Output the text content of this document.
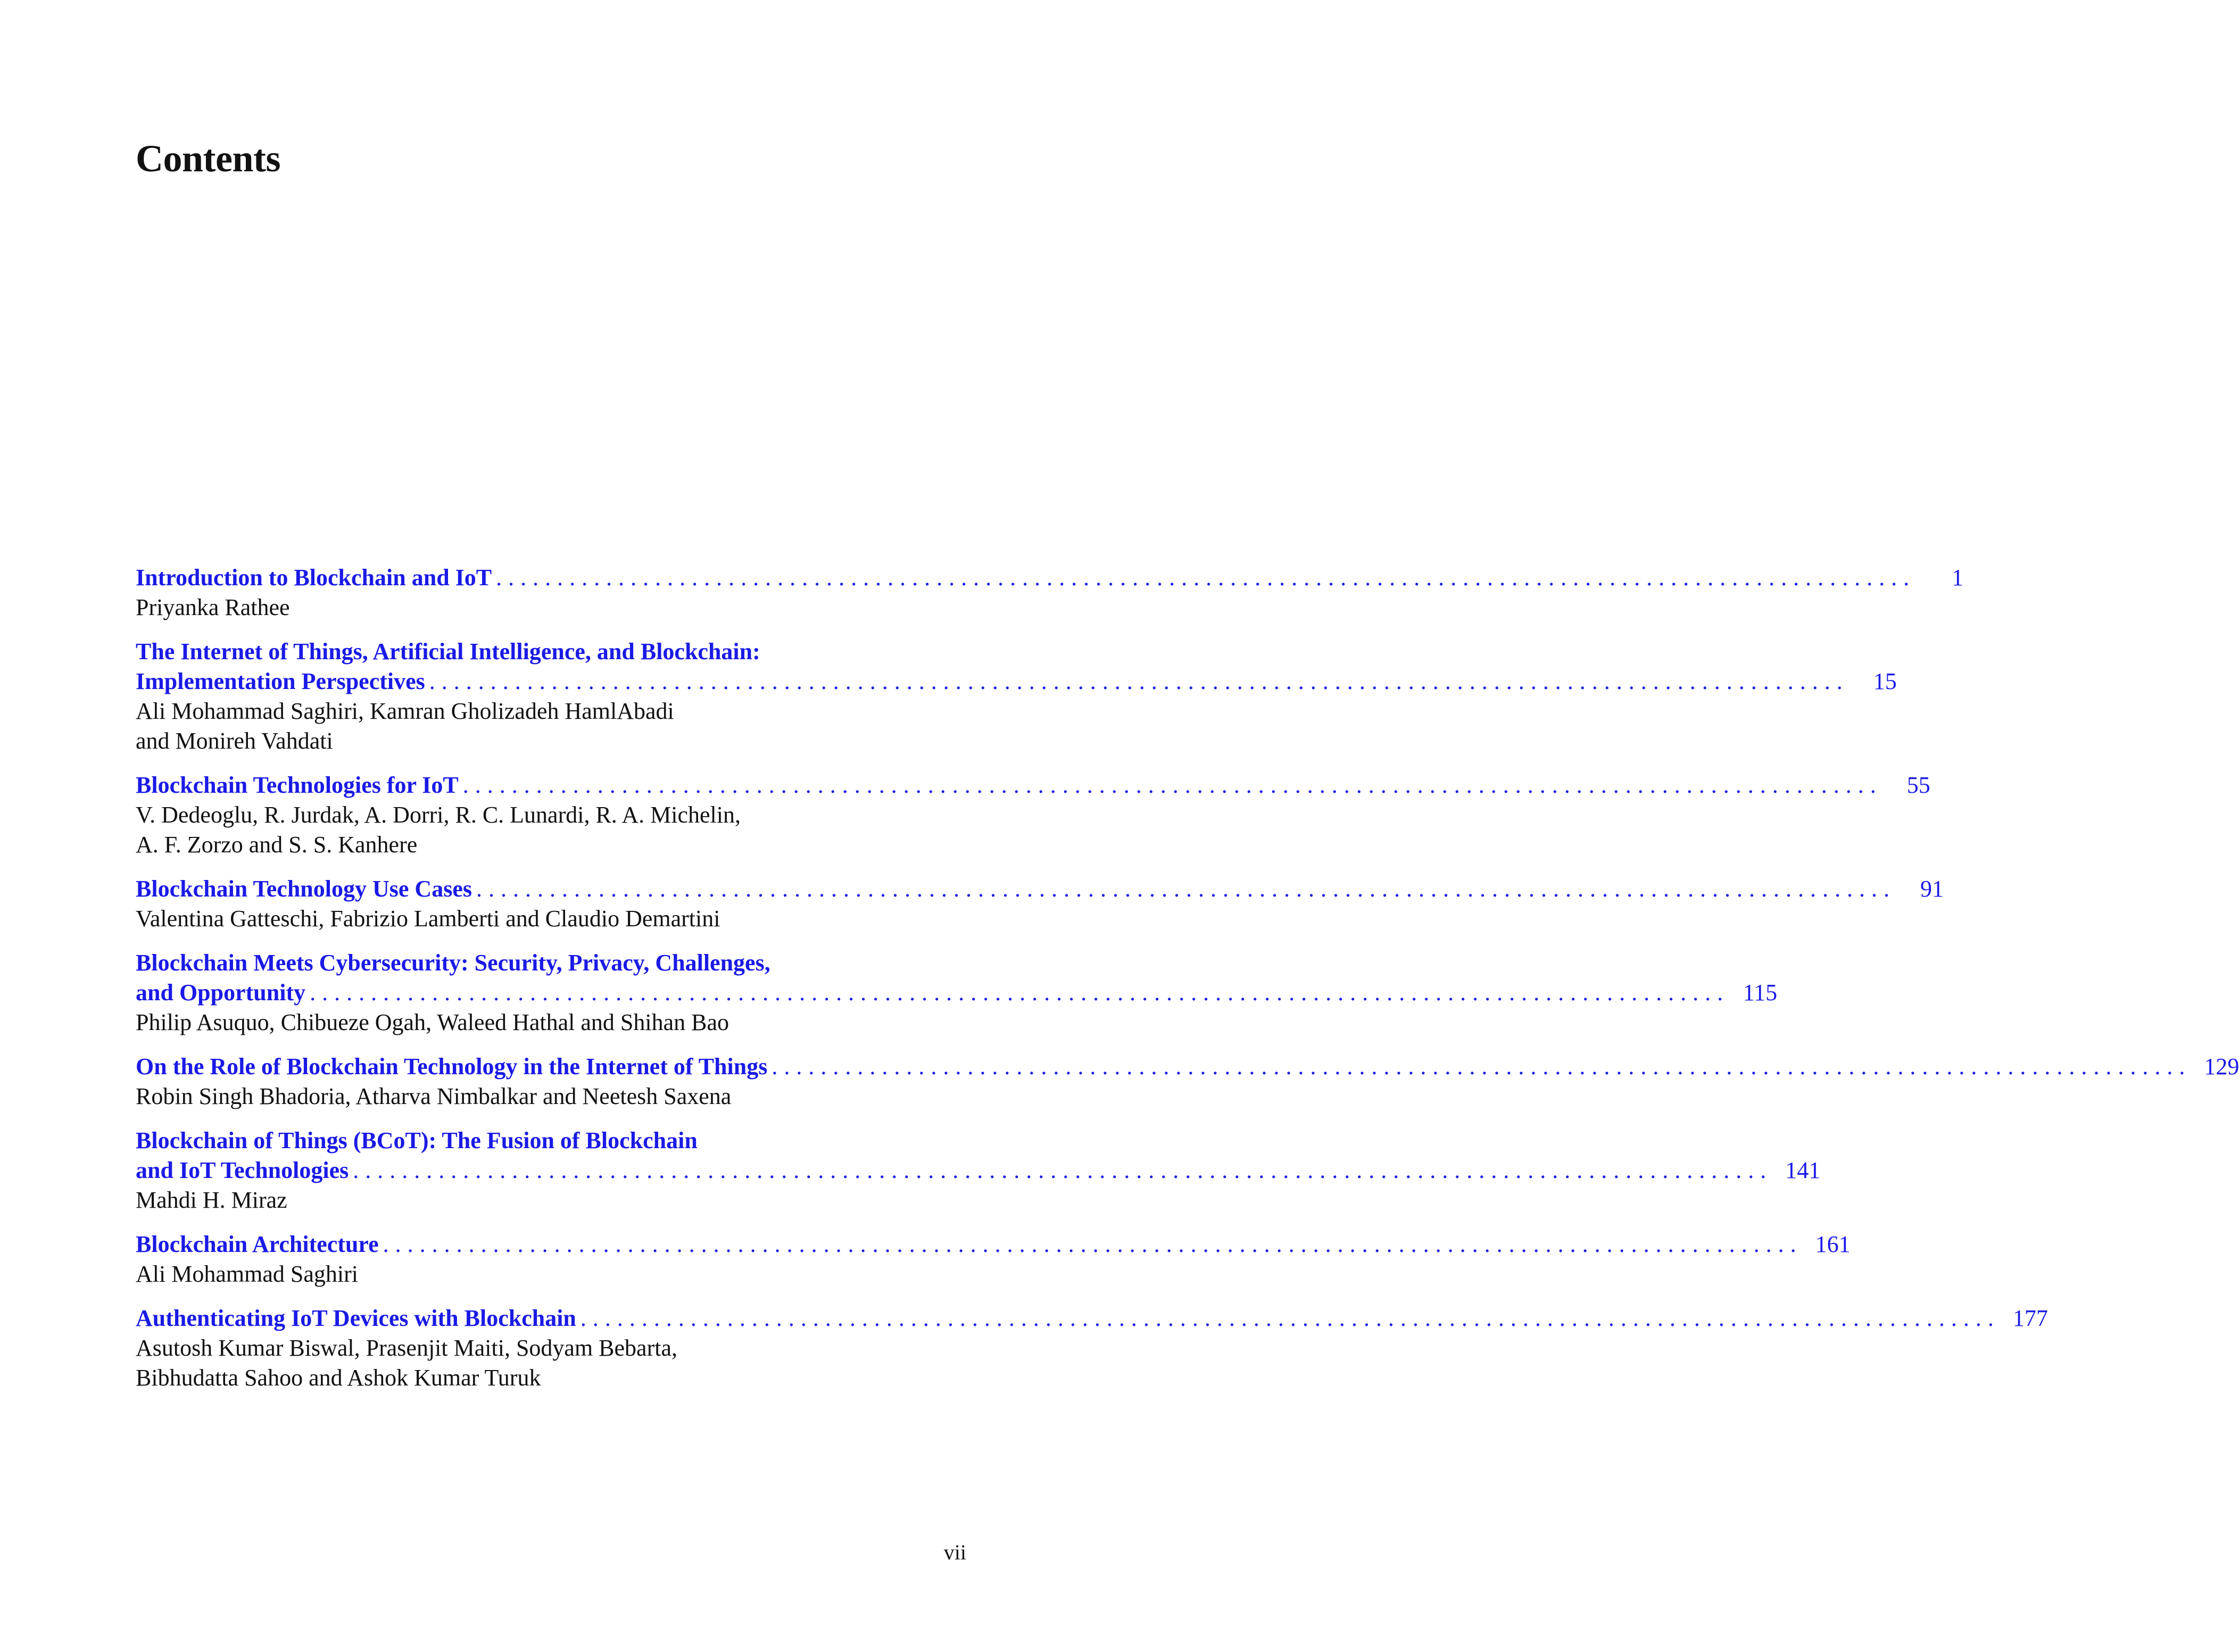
Contents
Introduction to Blockchain and IoT ....................................................................................................................	1
Priyanka Rathee
The Internet of Things, Artificial Intelligence, and Blockchain:
Implementation Perspectives ....................................................................................................................	15
Ali Mohammad Saghiri, Kamran Gholizadeh HamlAbadi
and Monireh Vahdati
Blockchain Technologies for IoT ....................................................................................................................	55
V. Dedeoglu, R. Jurdak, A. Dorri, R. C. Lunardi, R. A. Michelin,
A. F. Zorzo and S. S. Kanhere
Blockchain Technology Use Cases ....................................................................................................................	91
Valentina Gatteschi, Fabrizio Lamberti and Claudio Demartini
Blockchain Meets Cybersecurity: Security, Privacy, Challenges,
and Opportunity .................................................................................................................... 115
Philip Asuquo, Chibueze Ogah, Waleed Hathal and Shihan Bao
On the Role of Blockchain Technology in the Internet of Things .................................................................................................................... 129
Robin Singh Bhadoria, Atharva Nimbalkar and Neetesh Saxena
Blockchain of Things (BCoT): The Fusion of Blockchain
and IoT Technologies .................................................................................................................... 141
Mahdi H. Miraz
Blockchain Architecture .................................................................................................................... 161
Ali Mohammad Saghiri
Authenticating IoT Devices with Blockchain .................................................................................................................... 177
Asutosh Kumar Biswal, Prasenjit Maiti, Sodyam Bebarta,
Bibhudatta Sahoo and Ashok Kumar Turuk
vii
